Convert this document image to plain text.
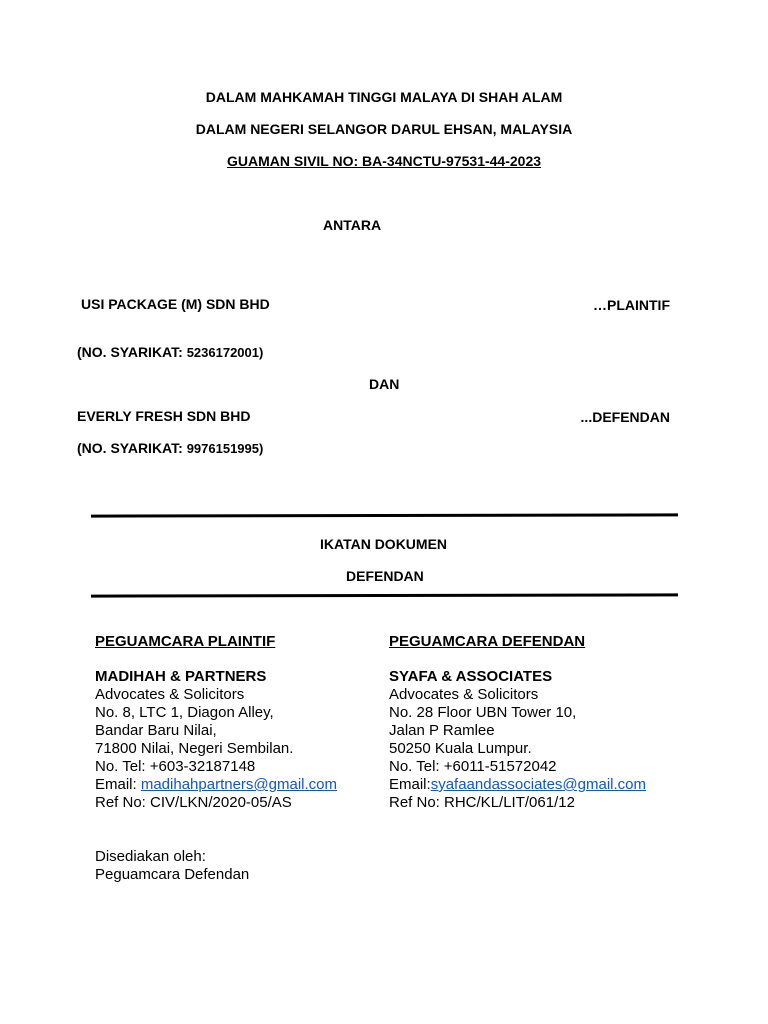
DALAM MAHKAMAH TINGGI MALAYA DI SHAH ALAM
DALAM NEGERI SELANGOR DARUL EHSAN, MALAYSIA
GUAMAN SIVIL NO: BA-34NCTU-97531-44-2023
ANTARA
USI PACKAGE (M) SDN BHD	…PLAINTIF
(NO. SYARIKAT: 5236172001)
DAN
EVERLY FRESH SDN BHD	...DEFENDAN
(NO. SYARIKAT: 9976151995)
IKATAN DOKUMEN
DEFENDAN
PEGUAMCARA PLAINTIF
MADIHAH & PARTNERS
Advocates & Solicitors
No. 8, LTC 1, Diagon Alley,
Bandar Baru Nilai,
71800 Nilai, Negeri Sembilan.
No. Tel: +603-32187148
Email: madihahpartners@gmail.com
Ref No: CIV/LKN/2020-05/AS
PEGUAMCARA DEFENDAN
SYAFA & ASSOCIATES
Advocates & Solicitors
No. 28 Floor UBN Tower 10,
Jalan P Ramlee
50250 Kuala Lumpur.
No. Tel: +6011-51572042
Email:syafaandassociates@gmail.com
Ref No: RHC/KL/LIT/061/12
Disediakan oleh:
Peguamcara Defendan
